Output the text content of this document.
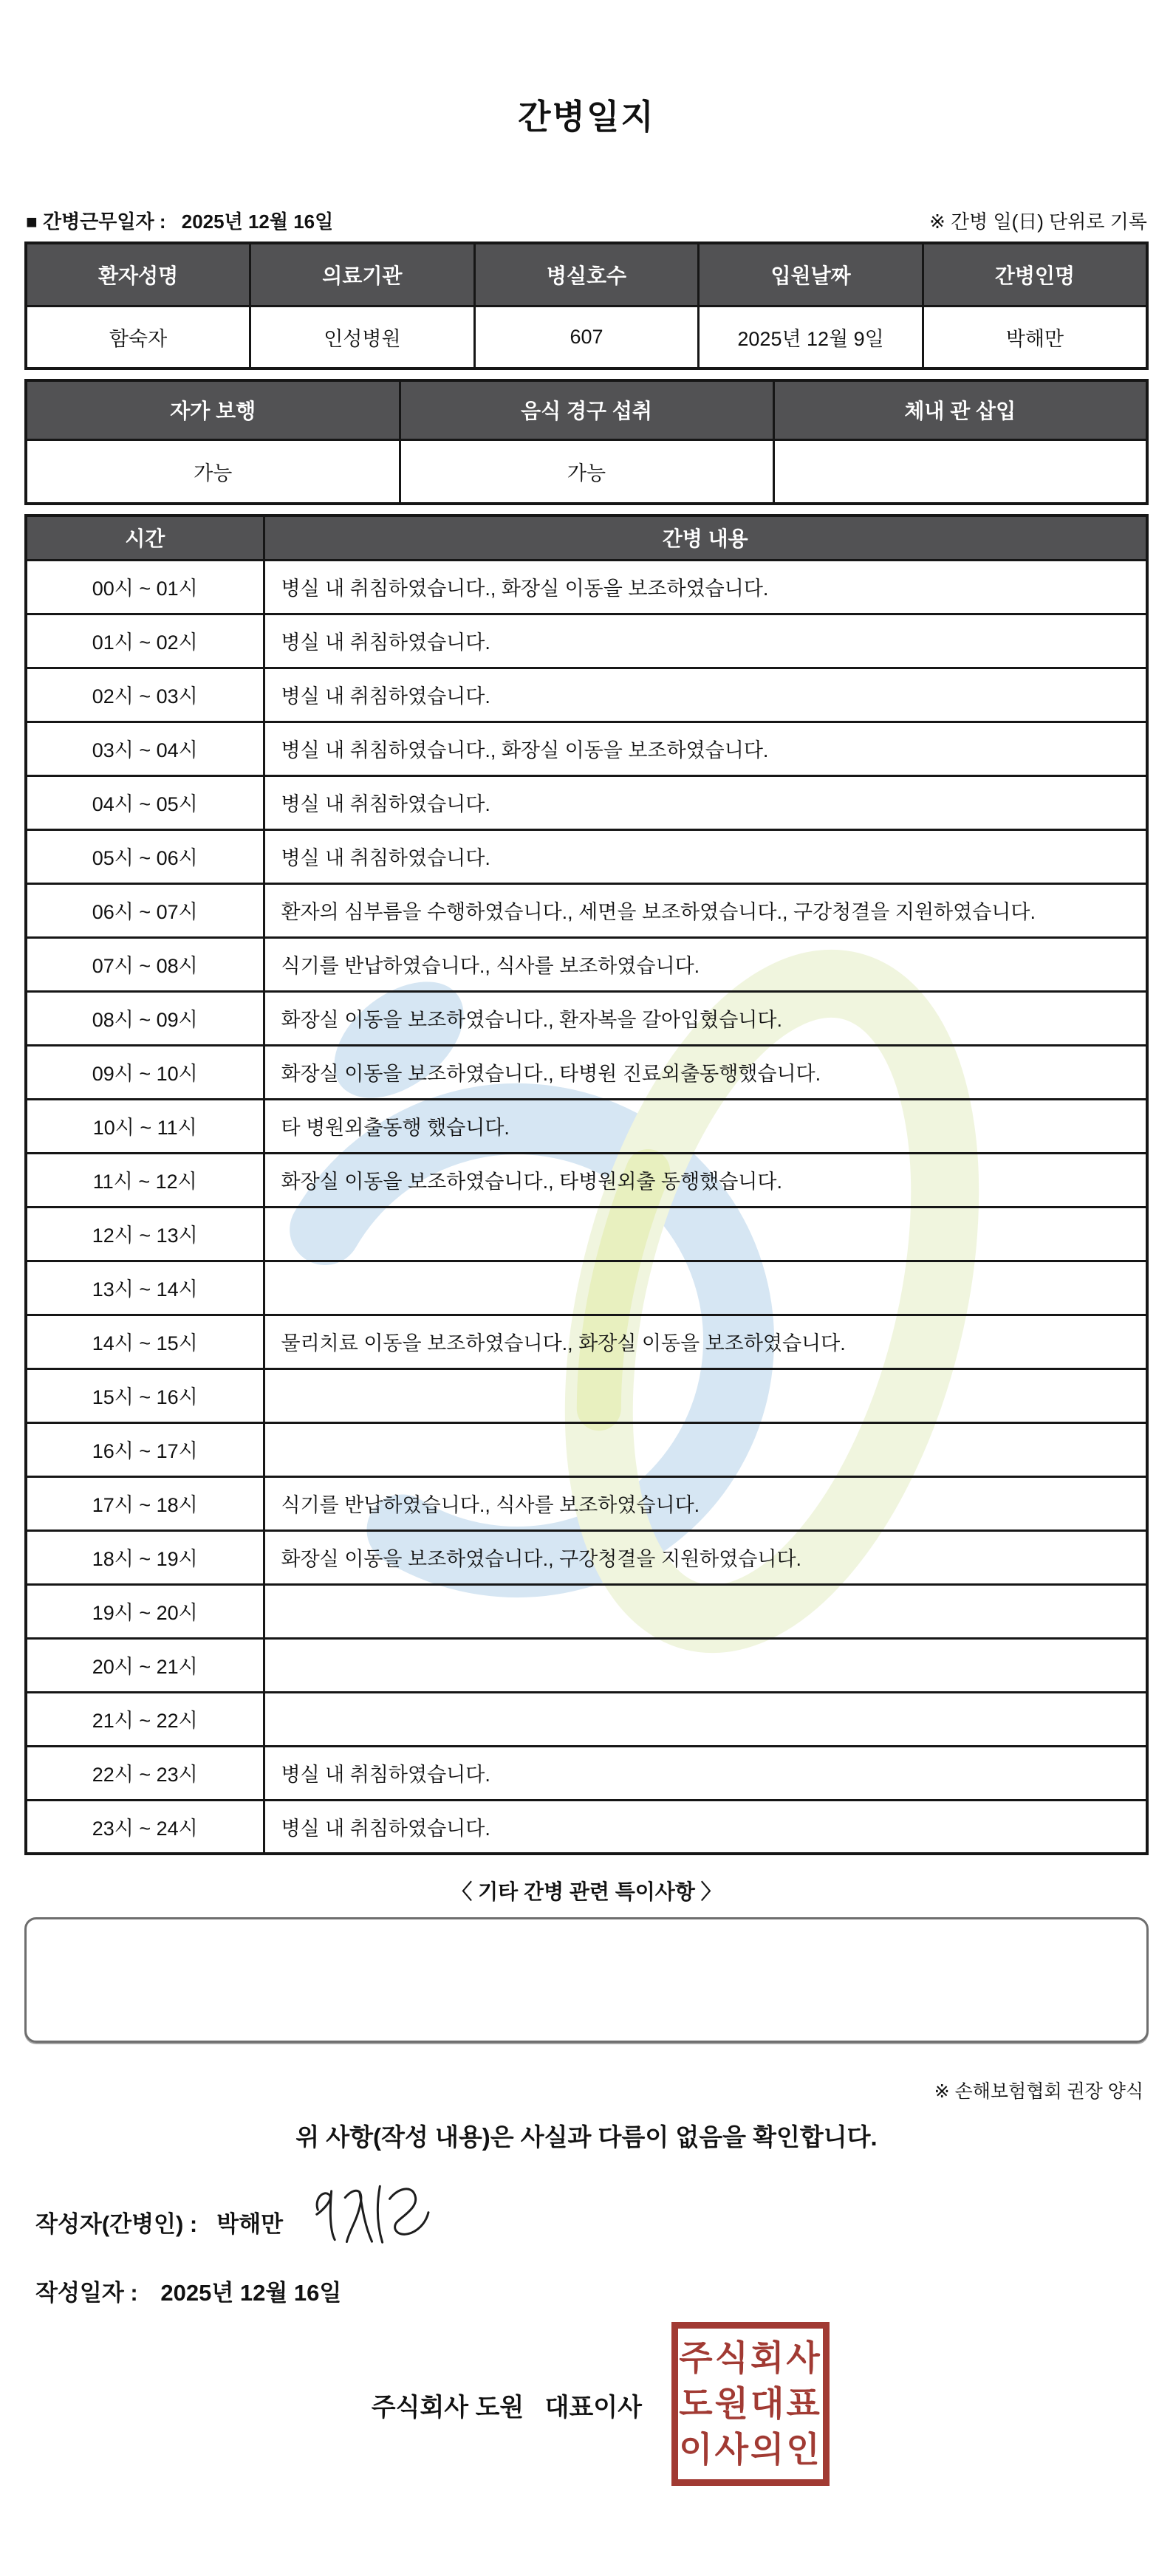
간병일지
■ 간병근무일자 : 2025년 12월 16일	※ 간병 일(日) 단위로 기록
환자성명	의료기관	병실호수	입원날짜	간병인명
함숙자	인성병원	607	2025년 12월 9일	박해만
자가 보행	음식 경구 섭취	체내 관 삽입
가능	가능	
시간	간병 내용
00시 ~ 01시	병실 내 취침하였습니다., 화장실 이동을 보조하였습니다.
01시 ~ 02시	병실 내 취침하였습니다.
02시 ~ 03시	병실 내 취침하였습니다.
03시 ~ 04시	병실 내 취침하였습니다., 화장실 이동을 보조하였습니다.
04시 ~ 05시	병실 내 취침하였습니다.
05시 ~ 06시	병실 내 취침하였습니다.
06시 ~ 07시	환자의 심부름을 수행하였습니다., 세면을 보조하였습니다., 구강청결을 지원하였습니다.
07시 ~ 08시	식기를 반납하였습니다., 식사를 보조하였습니다.
08시 ~ 09시	화장실 이동을 보조하였습니다., 환자복을 갈아입혔습니다.
09시 ~ 10시	화장실 이동을 보조하였습니다., 타병원 진료외출동행했습니다.
10시 ~ 11시	타 병원외출동행 했습니다.
11시 ~ 12시	화장실 이동을 보조하였습니다., 타병원외출 동행했습니다.
12시 ~ 13시	
13시 ~ 14시	
14시 ~ 15시	물리치료 이동을 보조하였습니다., 화장실 이동을 보조하였습니다.
15시 ~ 16시	
16시 ~ 17시	
17시 ~ 18시	식기를 반납하였습니다., 식사를 보조하였습니다.
18시 ~ 19시	화장실 이동을 보조하였습니다., 구강청결을 지원하였습니다.
19시 ~ 20시	
20시 ~ 21시	
21시 ~ 22시	
22시 ~ 23시	병실 내 취침하였습니다.
23시 ~ 24시	병실 내 취침하였습니다.
〈 기타 간병 관련 특이사항 〉
※ 손해보험협회 권장 양식
위 사항(작성 내용)은 사실과 다름이 없음을 확인합니다.
작성자(간병인) : 박해만
작성일자 : 2025년 12월 16일
주식회사 도원   대표이사
주식회사
도원대표
이사의인
